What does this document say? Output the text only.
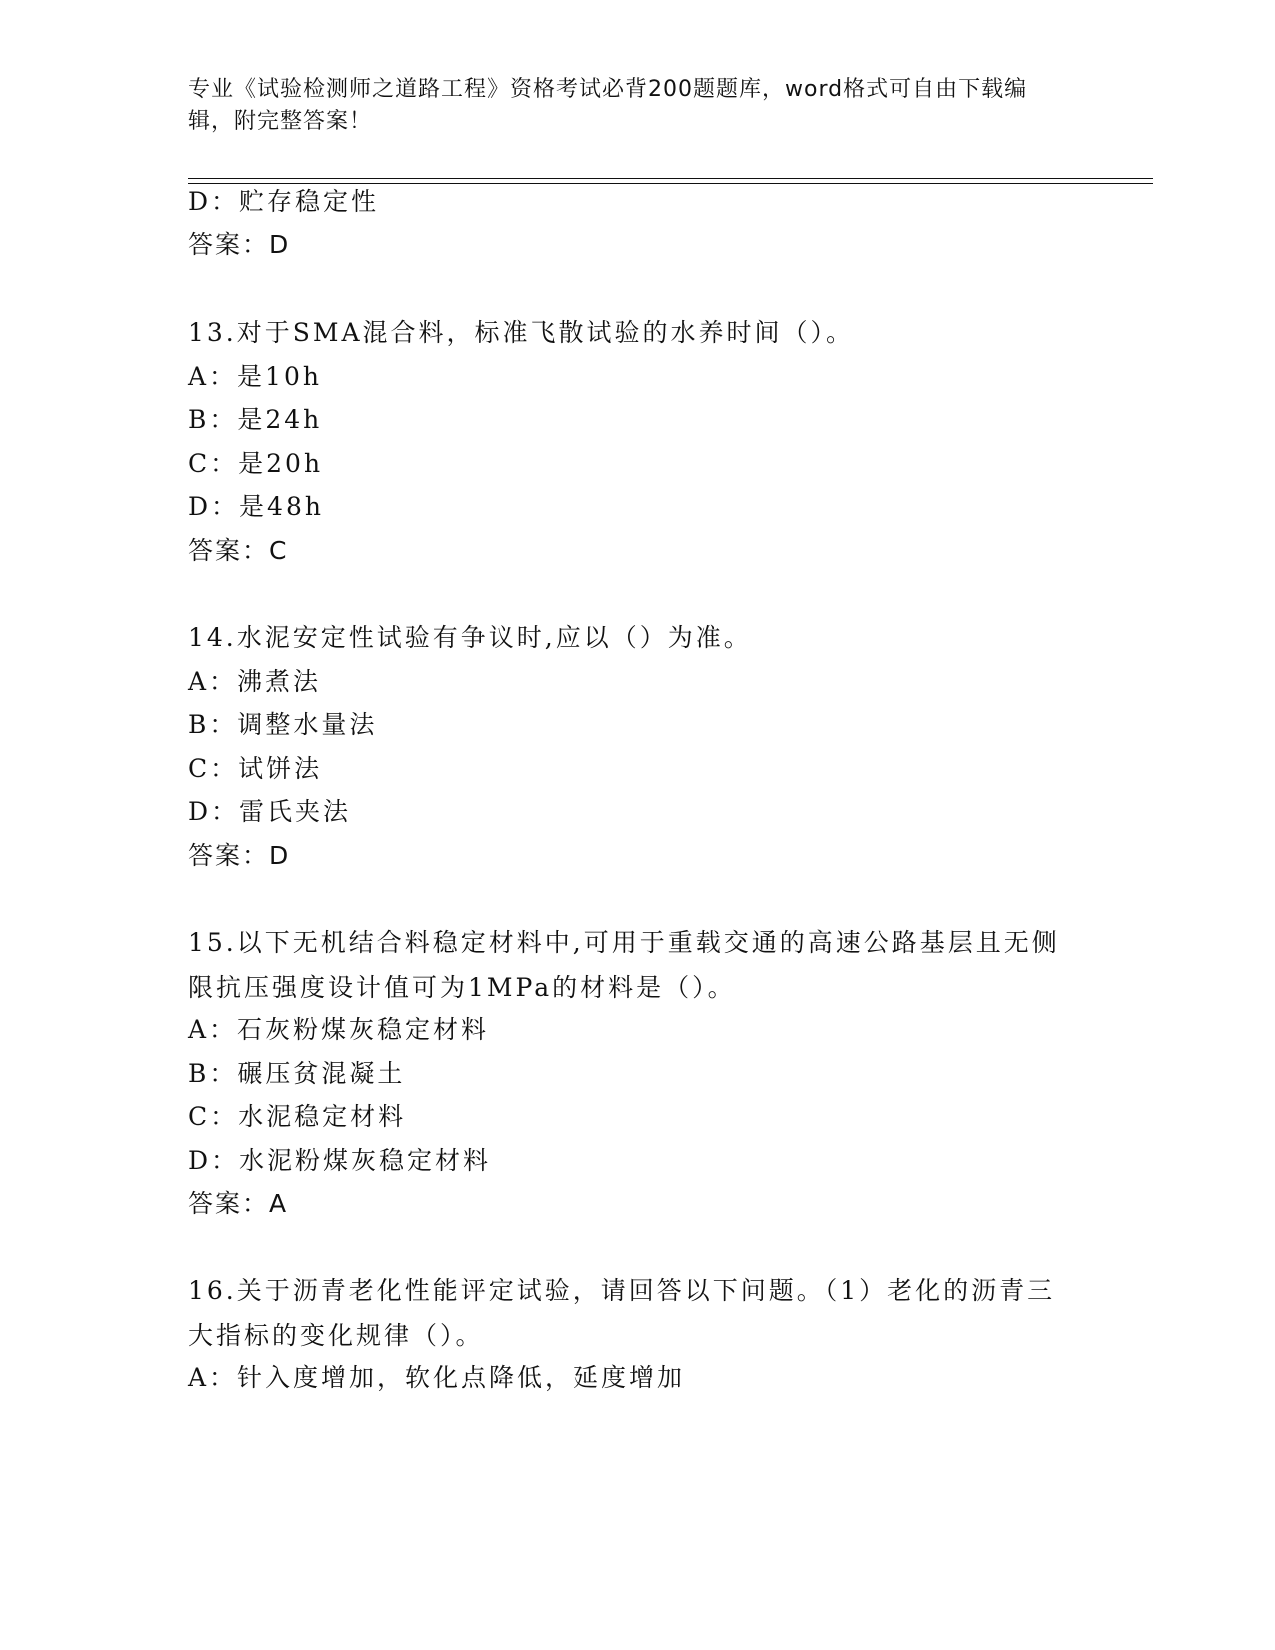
专业《试验检测师之道路工程》资格考试必背200题题库，word格式可自由下载编辑，附完整答案！
D：贮存稳定性
答案：D
13.对于SMA混合料，标准飞散试验的水养时间（）。
A：是10h
B：是24h
C：是20h
D：是48h
答案：C
14.水泥安定性试验有争议时,应以（）为准。
A：沸煮法
B：调整水量法
C：试饼法
D：雷氏夹法
答案：D
15.以下无机结合料稳定材料中,可用于重载交通的高速公路基层且无侧限抗压强度设计值可为1MPa的材料是（）。
A：石灰粉煤灰稳定材料
B：碾压贫混凝土
C：水泥稳定材料
D：水泥粉煤灰稳定材料
答案：A
16.关于沥青老化性能评定试验，请回答以下问题。（1）老化的沥青三大指标的变化规律（）。
A：针入度增加，软化点降低，延度增加
